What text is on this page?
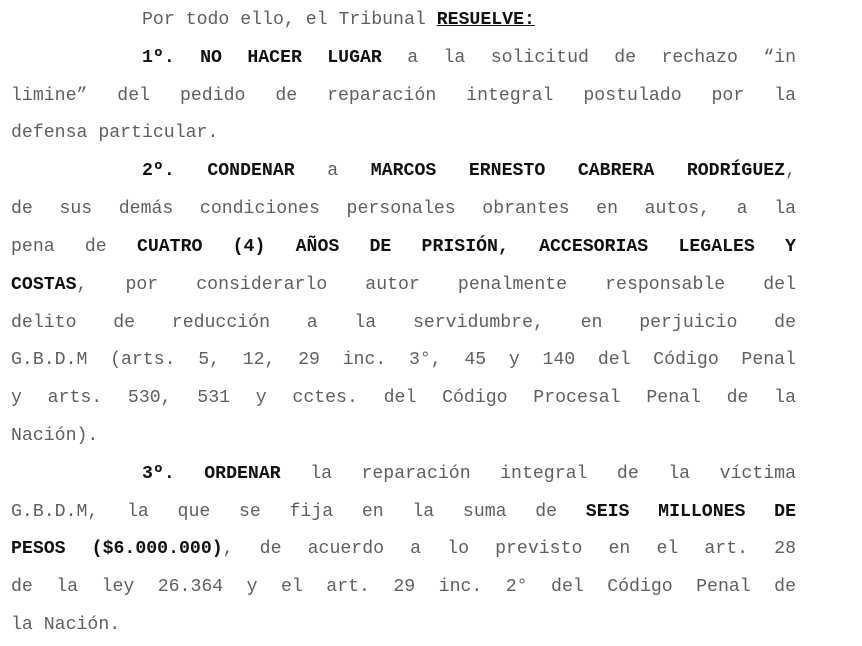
Por todo ello, el Tribunal RESUELVE:
1º. NO HACER LUGAR a la solicitud de rechazo “in
limine” del pedido de reparación integral postulado por la
defensa particular.
2º. CONDENAR a MARCOS ERNESTO CABRERA RODRÍGUEZ,
de sus demás condiciones personales obrantes en autos, a la
pena de CUATRO (4) AÑOS DE PRISIÓN, ACCESORIAS LEGALES Y
COSTAS, por considerarlo autor penalmente responsable del
delito de reducción a la servidumbre, en perjuicio de
G.B.D.M (arts. 5, 12, 29 inc. 3°, 45 y 140 del Código Penal
y arts. 530, 531 y cctes. del Código Procesal Penal de la
Nación).
3º. ORDENAR la reparación integral de la víctima
G.B.D.M, la que se fija en la suma de SEIS MILLONES DE
PESOS ($6.000.000), de acuerdo a lo previsto en el art. 28
de la ley 26.364 y el art. 29 inc. 2° del Código Penal de
la Nación.
